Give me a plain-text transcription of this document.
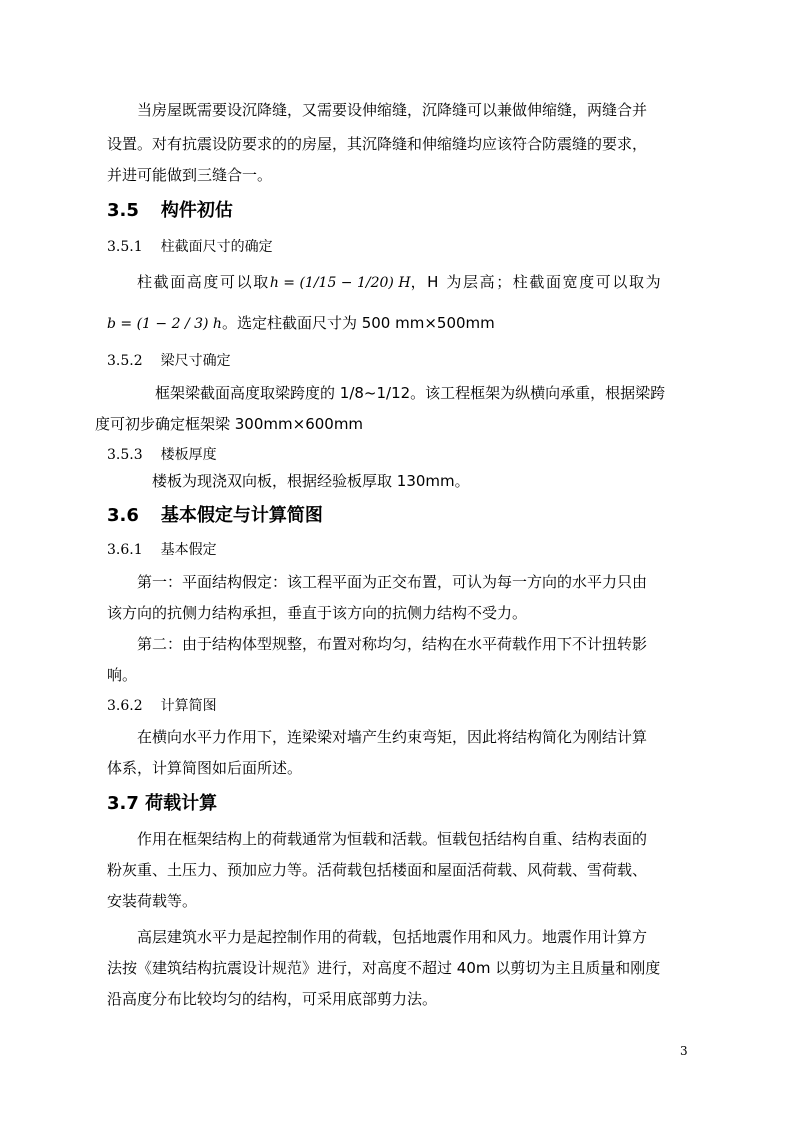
当房屋既需要设沉降缝，又需要设伸缩缝，沉降缝可以兼做伸缩缝，两缝合并
设置。对有抗震设防要求的的房屋，其沉降缝和伸缩缝均应该符合防震缝的要求，
并进可能做到三缝合一。
3.5 构件初估
3.5.1 柱截面尺寸的确定
柱截面高度可以取h = (1/15 − 1/20) H，H 为层高；柱截面宽度可以取为
b = (1 − 2 / 3) h。选定柱截面尺寸为 500 mm×500mm
3.5.2 梁尺寸确定
框架梁截面高度取梁跨度的 1/8~1/12。该工程框架为纵横向承重，根据梁跨
度可初步确定框架梁 300mm×600mm
3.5.3 楼板厚度
楼板为现浇双向板，根据经验板厚取 130mm。
3.6 基本假定与计算简图
3.6.1 基本假定
第一：平面结构假定：该工程平面为正交布置，可认为每一方向的水平力只由
该方向的抗侧力结构承担，垂直于该方向的抗侧力结构不受力。
第二：由于结构体型规整，布置对称均匀，结构在水平荷载作用下不计扭转影
响。
3.6.2 计算简图
在横向水平力作用下，连梁梁对墙产生约束弯矩，因此将结构简化为刚结计算
体系，计算简图如后面所述。
3.7 荷载计算
作用在框架结构上的荷载通常为恒载和活载。恒载包括结构自重、结构表面的
粉灰重、土压力、预加应力等。活荷载包括楼面和屋面活荷载、风荷载、雪荷载、
安装荷载等。
高层建筑水平力是起控制作用的荷载，包括地震作用和风力。地震作用计算方
法按《建筑结构抗震设计规范》进行，对高度不超过 40m 以剪切为主且质量和刚度
沿高度分布比较均匀的结构，可采用底部剪力法。
3
